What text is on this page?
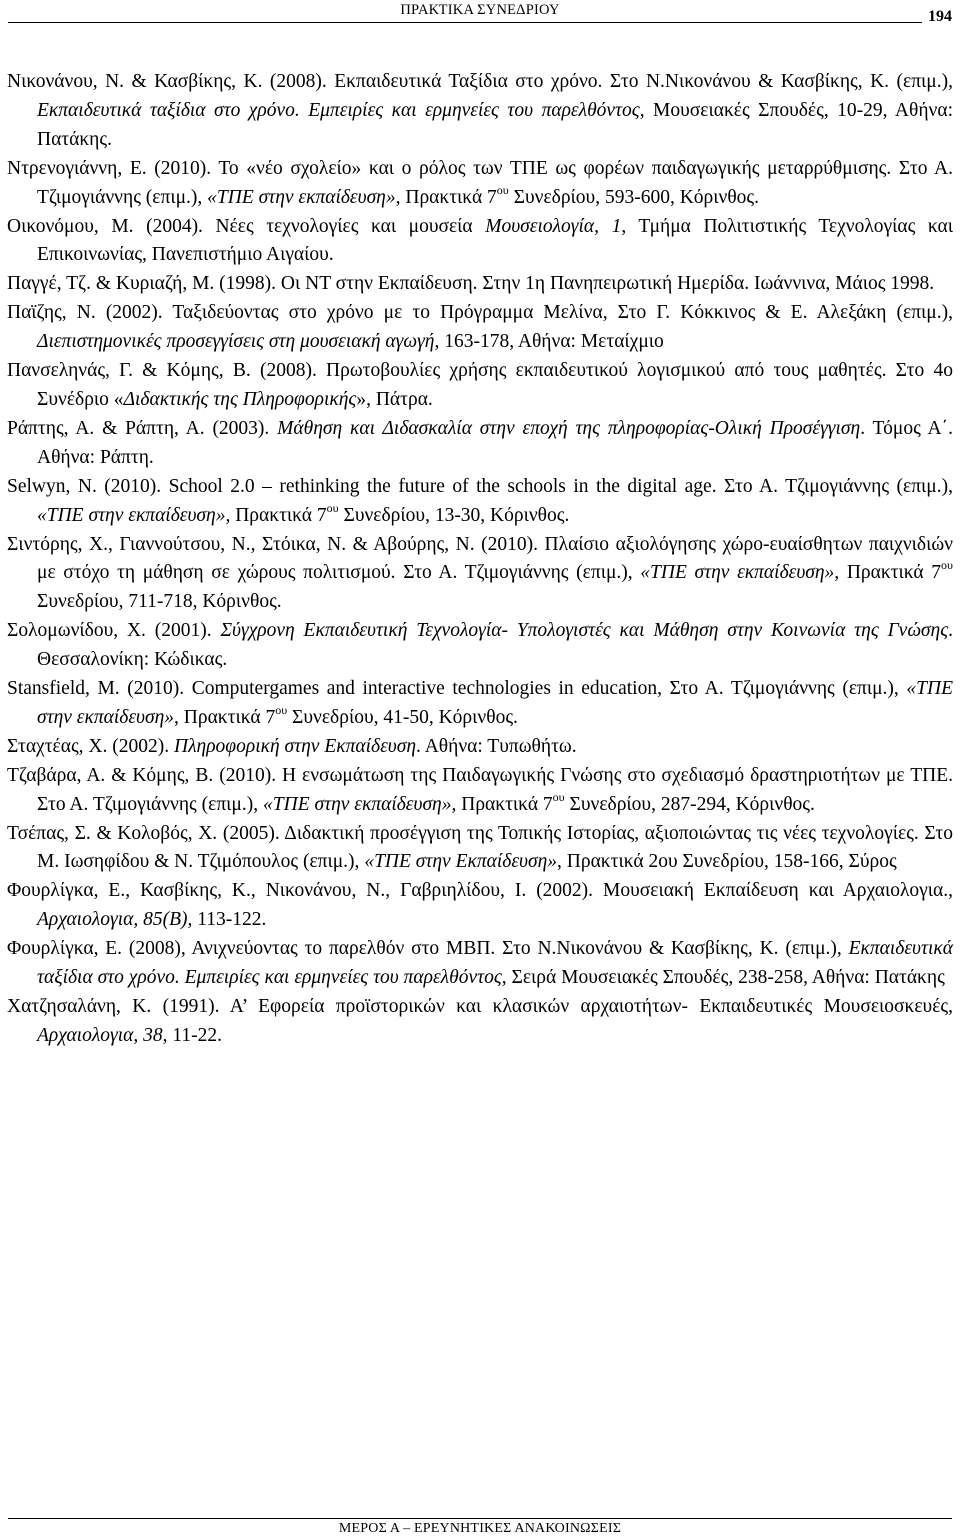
ΠΡΑΚΤΙΚΑ ΣΥΝΕΔΡΙΟΥ	194

Νικονάνου, Ν. & Κασβίκης, Κ. (2008). Εκπαιδευτικά Ταξίδια στο χρόνο. Στο Ν.Νικονάνου & Κασβίκης, Κ. (επιμ.), Εκπαιδευτικά ταξίδια στο χρόνο. Εμπειρίες και ερμηνείες του παρελθόντος, Μουσειακές Σπουδές, 10-29, Αθήνα: Πατάκης.

Ντρενογιάννη, Ε. (2010). Το «νέο σχολείο» και ο ρόλος των ΤΠΕ ως φορέων παιδαγωγικής μεταρρύθμισης. Στο Α. Τζιμογιάννης (επιμ.), «ΤΠΕ στην εκπαίδευση», Πρακτικά $7^{o\upsilon}$ Συνεδρίου, 593-600, Κόρινθος.

Οικονόμου, Μ. (2004). Νέες τεχνολογίες και μουσεία Μουσειολογία, 1, Τμήμα Πολιτιστικής Τεχνολογίας και Επικοινωνίας, Πανεπιστήμιο Αιγαίου.

Παγγέ, Τζ. & Κυριαζή, Μ. (1998). Οι ΝΤ στην Εκπαίδευση. Στην 1η Πανηπειρωτική Ημερίδα. Ιωάννινα, Μάιος 1998.

Παϊζης, Ν. (2002). Ταξιδεύοντας στο χρόνο με το Πρόγραμμα Μελίνα, Στο Γ. Κόκκινος & Ε. Αλεξάκη (επιμ.), Διεπιστημονικές προσεγγίσεις στη μουσειακή αγωγή, 163-178, Αθήνα: Μεταίχμιο

Πανσεληνάς, Γ. & Κόμης, Β. (2008). Πρωτοβουλίες χρήσης εκπαιδευτικού λογισμικού από τους μαθητές. Στο 4ο Συνέδριο «Διδακτικής της Πληροφορικής», Πάτρα.

Ράπτης, Α. & Ράπτη, Α. (2003). Μάθηση και Διδασκαλία στην εποχή της πληροφορίας-Ολική Προσέγγιση. Τόμος Α΄. Αθήνα: Ράπτη.

Selwyn, N. (2010). School 2.0 – rethinking the future of the schools in the digital age. Στο Α. Τζιμογιάννης (επιμ.), «ΤΠΕ στην εκπαίδευση», Πρακτικά $7^{o\upsilon}$ Συνεδρίου, 13-30, Κόρινθος.

Σιντόρης, Χ., Γιαννούτσου, Ν., Στόικα, Ν. & Αβούρης, Ν. (2010). Πλαίσιο αξιολόγησης χώρο-ευαίσθητων παιχνιδιών με στόχο τη μάθηση σε χώρους πολιτισμού. Στο Α. Τζιμογιάννης (επιμ.), «ΤΠΕ στην εκπαίδευση», Πρακτικά $7^{o\upsilon}$ Συνεδρίου, 711-718, Κόρινθος.

Σολομωνίδου, Χ. (2001). Σύγχρονη Εκπαιδευτική Τεχνολογία- Υπολογιστές και Μάθηση στην Κοινωνία της Γνώσης. Θεσσαλονίκη: Κώδικας.

Stansfield, M. (2010). Computergames and interactive technologies in education, Στο Α. Τζιμογιάννης (επιμ.), «ΤΠΕ στην εκπαίδευση», Πρακτικά $7^{o\upsilon}$ Συνεδρίου, 41-50, Κόρινθος.

Σταχτέας, Χ. (2002). Πληροφορική στην Εκπαίδευση. Αθήνα: Τυπωθήτω.

Τζαβάρα, Α. & Κόμης, Β. (2010). Η ενσωμάτωση της Παιδαγωγικής Γνώσης στο σχεδιασμό δραστηριοτήτων με ΤΠΕ. Στο Α. Τζιμογιάννης (επιμ.), «ΤΠΕ στην εκπαίδευση», Πρακτικά $7^{o\upsilon}$ Συνεδρίου, 287-294, Κόρινθος.

Τσέπας, Σ. & Κολοβός, Χ. (2005). Διδακτική προσέγγιση της Τοπικής Ιστορίας, αξιοποιώντας τις νέες τεχνολογίες. Στο Μ. Ιωσηφίδου & Ν. Τζιμόπουλος (επιμ.), «ΤΠΕ στην Εκπαίδευση», Πρακτικά 2ου Συνεδρίου, 158-166, Σύρος

Φουρλίγκα, Ε., Κασβίκης, Κ., Νικονάνου, Ν., Γαβριηλίδου, Ι. (2002). Μουσειακή Εκπαίδευση και Αρχαιολογια., Αρχαιολογια, 85(Β), 113-122.

Φουρλίγκα, Ε. (2008), Ανιχνεύοντας το παρελθόν στο ΜΒΠ. Στο Ν.Νικονάνου & Κασβίκης, Κ. (επιμ.), Εκπαιδευτικά ταξίδια στο χρόνο. Εμπειρίες και ερμηνείες του παρελθόντος, Σειρά Μουσειακές Σπουδές, 238-258, Αθήνα: Πατάκης

Χατζησαλάνη, Κ. (1991). Α’ Εφορεία προϊστορικών και κλασικών αρχαιοτήτων- Εκπαιδευτικές Μουσειοσκευές, Αρχαιολογια, 38, 11-22.

ΜΕΡΟΣ Α – ΕΡΕΥΝΗΤΙΚΕΣ ΑΝΑΚΟΙΝΩΣΕΙΣ
